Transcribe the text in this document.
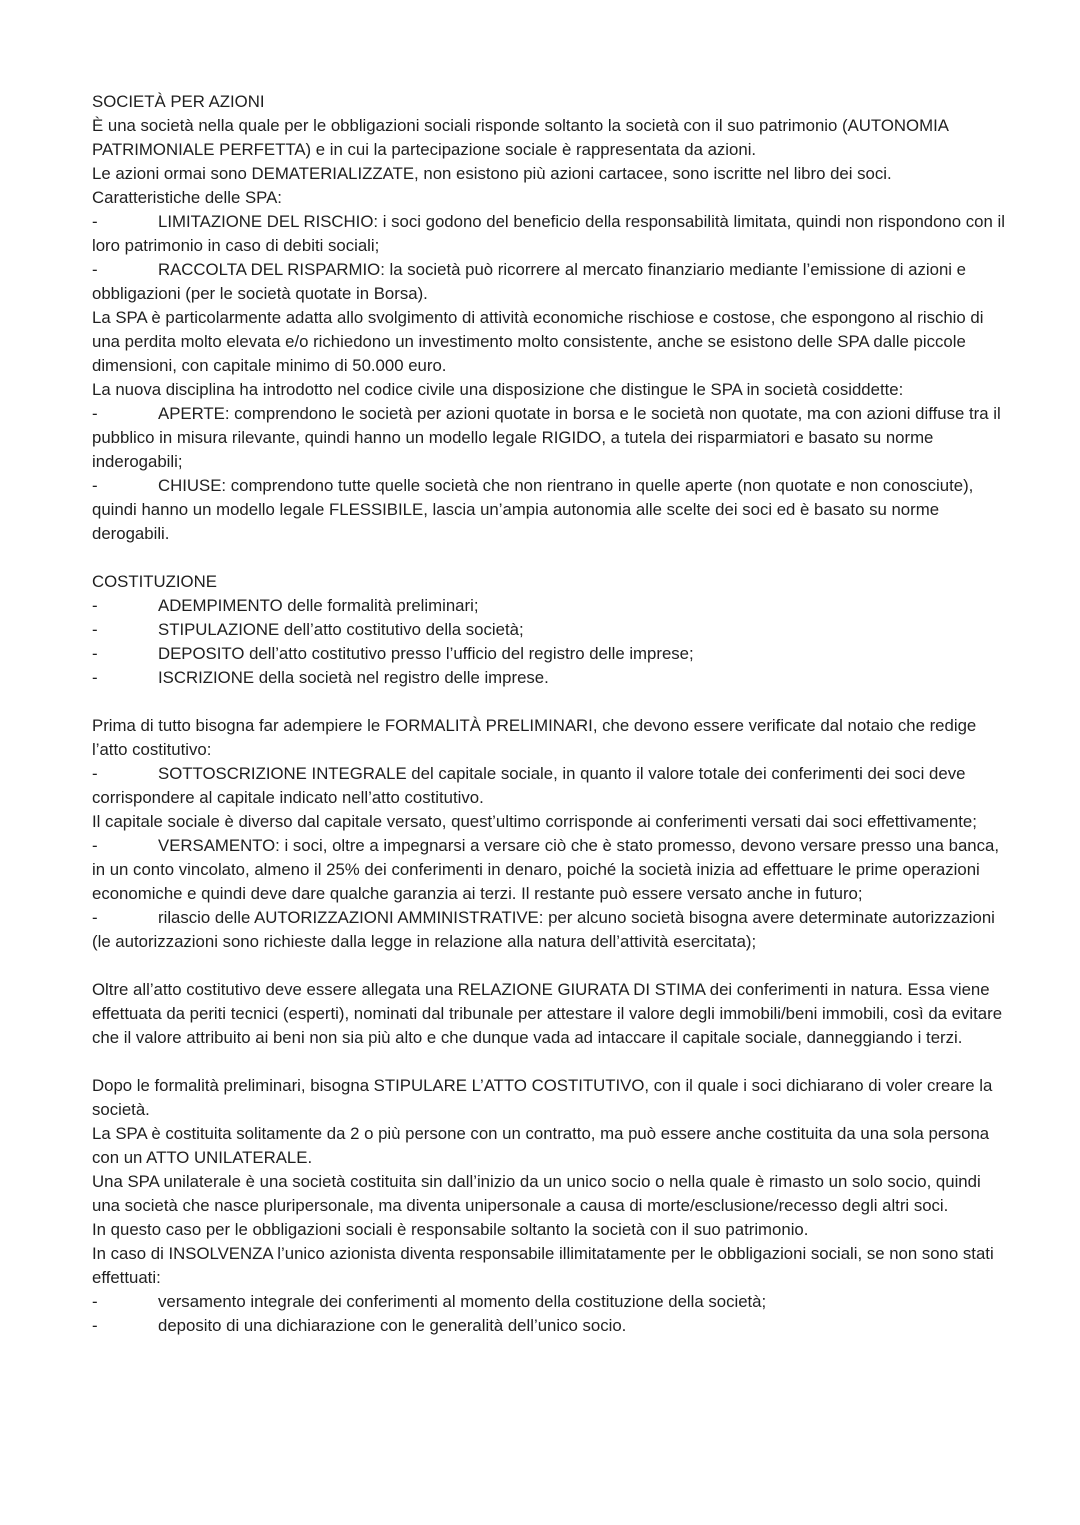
SOCIETÀ PER AZIONI

È una società nella quale per le obbligazioni sociali risponde soltanto la società con il suo patrimonio (AUTONOMIA PATRIMONIALE PERFETTA) e in cui la partecipazione sociale è rappresentata da azioni.

Le azioni ormai sono DEMATERIALIZZATE, non esistono più azioni cartacee, sono iscritte nel libro dei soci.

Caratteristiche delle SPA:

-	LIMITAZIONE DEL RISCHIO: i soci godono del beneficio della responsabilità limitata, quindi non rispondono con il loro patrimonio in caso di debiti sociali;

-	RACCOLTA DEL RISPARMIO: la società può ricorrere al mercato finanziario mediante l’emissione di azioni e obbligazioni (per le società quotate in Borsa).

La SPA è particolarmente adatta allo svolgimento di attività economiche rischiose e costose, che espongono al rischio di una perdita molto elevata e/o richiedono un investimento molto consistente, anche se esistono delle SPA dalle piccole dimensioni, con capitale minimo di 50.000 euro.

La nuova disciplina ha introdotto nel codice civile una disposizione che distingue le SPA in società cosiddette:

-	APERTE: comprendono le società per azioni quotate in borsa e le società non quotate, ma con azioni diffuse tra il pubblico in misura rilevante, quindi hanno un modello legale RIGIDO, a tutela dei risparmiatori e basato su norme inderogabili;

-	CHIUSE: comprendono tutte quelle società che non rientrano in quelle aperte (non quotate e non conosciute), quindi hanno un modello legale FLESSIBILE, lascia un’ampia autonomia alle scelte dei soci ed è basato su norme derogabili.

COSTITUZIONE

-	ADEMPIMENTO delle formalità preliminari;

-	STIPULAZIONE dell’atto costitutivo della società;

-	DEPOSITO dell’atto costitutivo presso l’ufficio del registro delle imprese;

-	ISCRIZIONE della società nel registro delle imprese.

Prima di tutto bisogna far adempiere le FORMALITÀ PRELIMINARI, che devono essere verificate dal notaio che redige l’atto costitutivo:

-	SOTTOSCRIZIONE INTEGRALE del capitale sociale, in quanto il valore totale dei conferimenti dei soci deve corrispondere al capitale indicato nell’atto costitutivo.

Il capitale sociale è diverso dal capitale versato, quest’ultimo corrisponde ai conferimenti versati dai soci effettivamente;

-	VERSAMENTO: i soci, oltre a impegnarsi a versare ciò che è stato promesso, devono versare presso una banca, in un conto vincolato, almeno il 25% dei conferimenti in denaro, poiché la società inizia ad effettuare le prime operazioni economiche e quindi deve dare qualche garanzia ai terzi. Il restante può essere versato anche in futuro;

-	rilascio delle AUTORIZZAZIONI AMMINISTRATIVE: per alcuno società bisogna avere determinate autorizzazioni (le autorizzazioni sono richieste dalla legge in relazione alla natura dell’attività esercitata);

Oltre all’atto costitutivo deve essere allegata una RELAZIONE GIURATA DI STIMA dei conferimenti in natura. Essa viene effettuata da periti tecnici (esperti), nominati dal tribunale per attestare il valore degli immobili/beni immobili, così da evitare che il valore attribuito ai beni non sia più alto e che dunque vada ad intaccare il capitale sociale, danneggiando i terzi.

Dopo le formalità preliminari, bisogna STIPULARE L’ATTO COSTITUTIVO, con il quale i soci dichiarano di voler creare la società.

La SPA è costituita solitamente da 2 o più persone con un contratto, ma può essere anche costituita da una sola persona con un ATTO UNILATERALE.

Una SPA unilaterale è una società costituita sin dall’inizio da un unico socio o nella quale è rimasto un solo socio, quindi una società che nasce pluripersonale, ma diventa unipersonale a causa di morte/esclusione/recesso degli altri soci.

In questo caso per le obbligazioni sociali è responsabile soltanto la società con il suo patrimonio.

In caso di INSOLVENZA l’unico azionista diventa responsabile illimitatamente per le obbligazioni sociali, se non sono stati effettuati:

-	versamento integrale dei conferimenti al momento della costituzione della società;

-	deposito di una dichiarazione con le generalità dell’unico socio.
